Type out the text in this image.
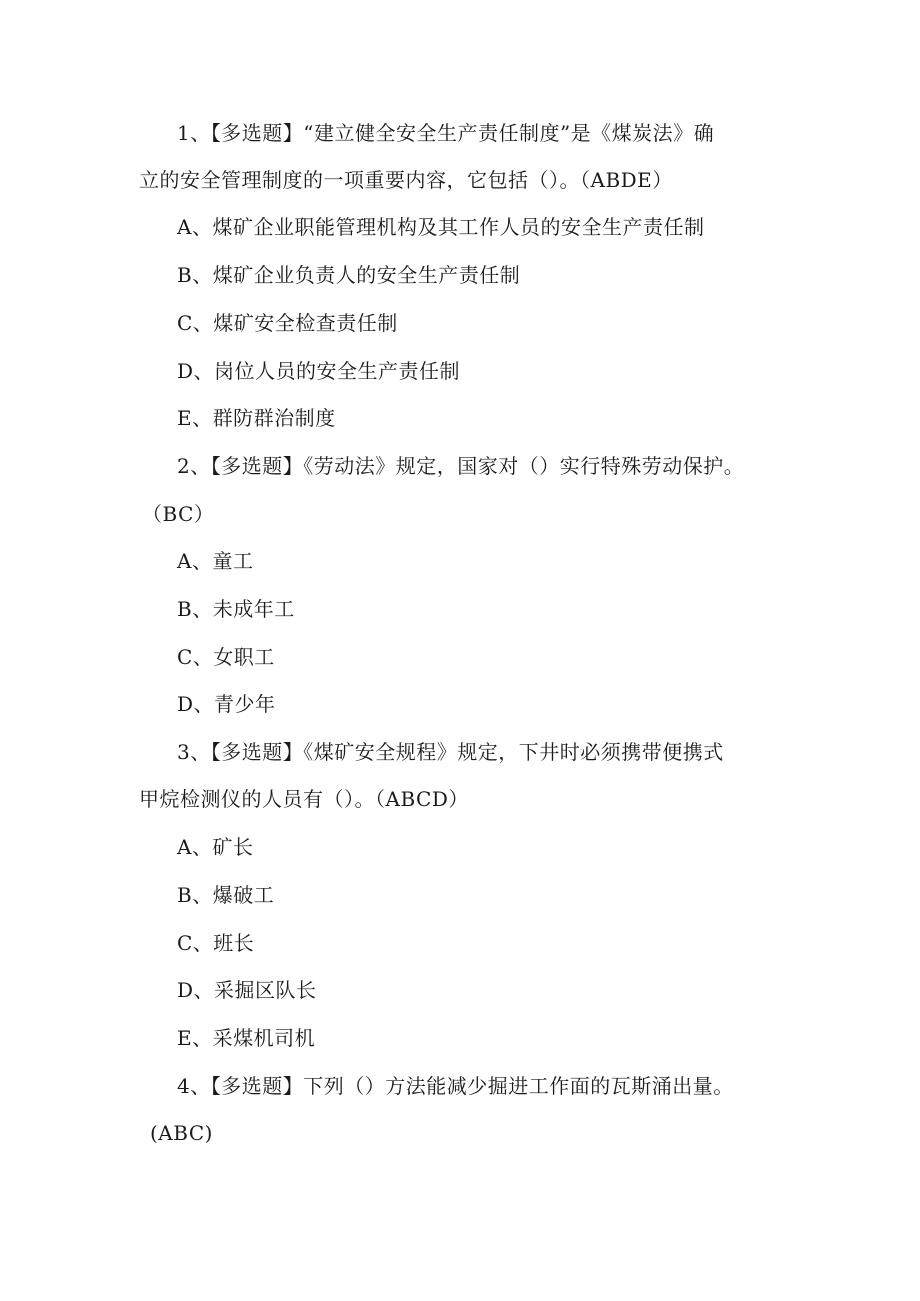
1、【多选题】“建立健全安全生产责任制度”是《煤炭法》确
立的安全管理制度的一项重要内容，它包括（）。（ABDE）
A、煤矿企业职能管理机构及其工作人员的安全生产责任制
B、煤矿企业负责人的安全生产责任制
C、煤矿安全检查责任制
D、岗位人员的安全生产责任制
E、群防群治制度
2、【多选题】《劳动法》规定，国家对（）实行特殊劳动保护。
（BC）
A、童工
B、未成年工
C、女职工
D、青少年
3、【多选题】《煤矿安全规程》规定，下井时必须携带便携式
甲烷检测仪的人员有（）。（ABCD）
A、矿长
B、爆破工
C、班长
D、采掘区队长
E、采煤机司机
4、【多选题】下列（）方法能减少掘进工作面的瓦斯涌出量。
(ABC)
